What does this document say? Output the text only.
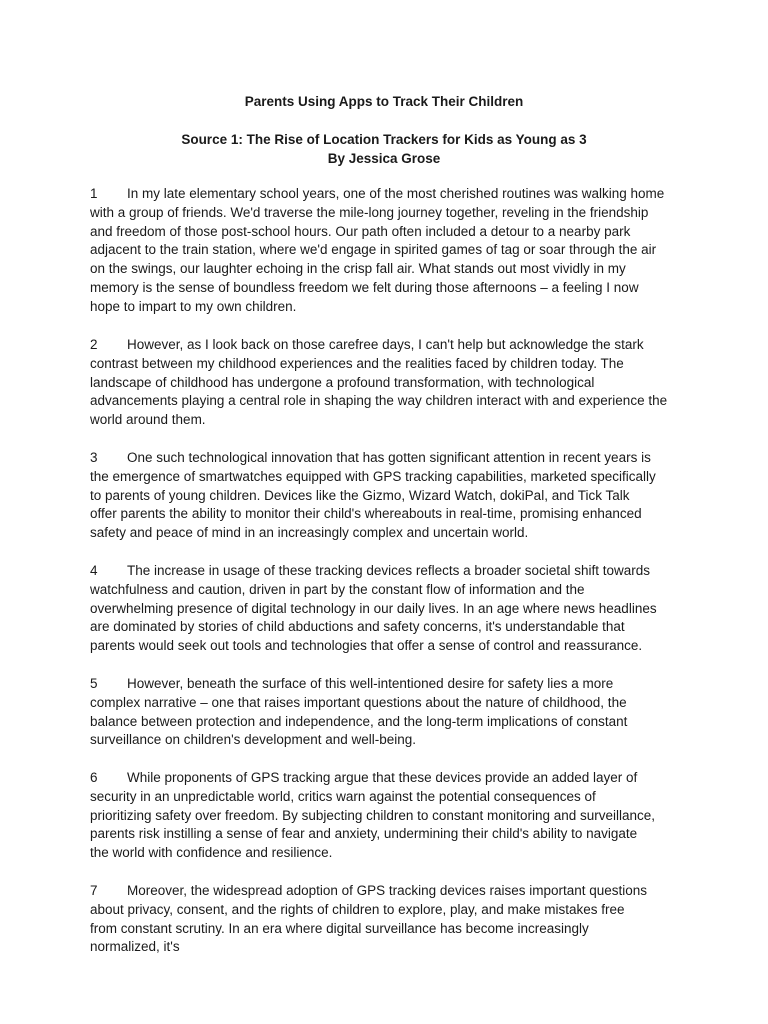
Parents Using Apps to Track Their Children
Source 1: The Rise of Location Trackers for Kids as Young as 3
By Jessica Grose
1 In my late elementary school years, one of the most cherished routines was walking home
with a group of friends. We'd traverse the mile-long journey together, reveling in the friendship
and freedom of those post-school hours. Our path often included a detour to a nearby park
adjacent to the train station, where we'd engage in spirited games of tag or soar through the air
on the swings, our laughter echoing in the crisp fall air. What stands out most vividly in my
memory is the sense of boundless freedom we felt during those afternoons – a feeling I now
hope to impart to my own children.
2 However, as I look back on those carefree days, I can't help but acknowledge the stark
contrast between my childhood experiences and the realities faced by children today. The
landscape of childhood has undergone a profound transformation, with technological
advancements playing a central role in shaping the way children interact with and experience the
world around them.
3 One such technological innovation that has gotten significant attention in recent years is
the emergence of smartwatches equipped with GPS tracking capabilities, marketed specifically
to parents of young children. Devices like the Gizmo, Wizard Watch, dokiPal, and Tick Talk
offer parents the ability to monitor their child's whereabouts in real-time, promising enhanced
safety and peace of mind in an increasingly complex and uncertain world.
4 The increase in usage of these tracking devices reflects a broader societal shift towards
watchfulness and caution, driven in part by the constant flow of information and the
overwhelming presence of digital technology in our daily lives. In an age where news headlines
are dominated by stories of child abductions and safety concerns, it's understandable that
parents would seek out tools and technologies that offer a sense of control and reassurance.
5 However, beneath the surface of this well-intentioned desire for safety lies a more
complex narrative – one that raises important questions about the nature of childhood, the
balance between protection and independence, and the long-term implications of constant
surveillance on children's development and well-being.
6 While proponents of GPS tracking argue that these devices provide an added layer of
security in an unpredictable world, critics warn against the potential consequences of
prioritizing safety over freedom. By subjecting children to constant monitoring and surveillance,
parents risk instilling a sense of fear and anxiety, undermining their child's ability to navigate
the world with confidence and resilience.
7 Moreover, the widespread adoption of GPS tracking devices raises important questions
about privacy, consent, and the rights of children to explore, play, and make mistakes free
from constant scrutiny. In an era where digital surveillance has become increasingly
normalized, it's
